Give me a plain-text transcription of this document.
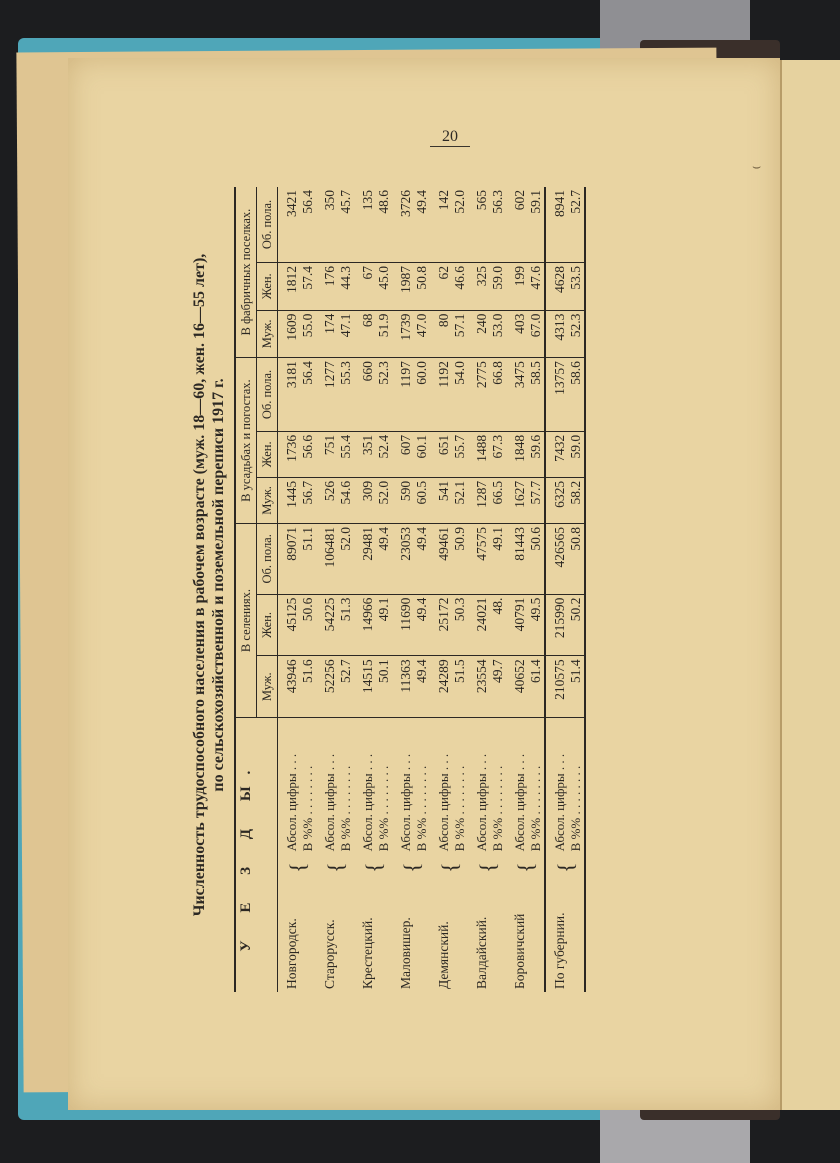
⌣
20
Численность трудоспособного населения в рабочем возрасте (муж. 18—60, жен. 16—55 лет), по сельскохозяйственной и поземельной переписи 1917 г.
У Е З Д Ы.			В селениях.			В усадьбах и погостах.			В фабричных поселках.		
			Муж.	Жен.	Об. пола.	Муж.	Жен.	Об. пола.	Муж.	Жен.	Об. пола.
Новгородск.	{	Абсол. цифры . . .	43946	45125	89071	1445	1736	3181	1609	1812	3421
		В %% . . . . . . . .	51.6	50.6	51.1	56.7	56.6	56.4	55.0	57.4	56.4
Старорусск.	{	Абсол. цифры . . .	52256	54225	106481	526	751	1277	174	176	350
		В %% . . . . . . . .	52.7	51.3	52.0	54.6	55.4	55.3	47.1	44.3	45.7
Крестецкий.	{	Абсол. цифры . . .	14515	14966	29481	309	351	660	68	67	135
		В %% . . . . . . . .	50.1	49.1	49.4	52.0	52.4	52.3	51.9	45.0	48.6
Маловишер.	{	Абсол. цифры . . .	11363	11690	23053	590	607	1197	1739	1987	3726
		В %% . . . . . . . .	49.4	49.4	49.4	60.5	60.1	60.0	47.0	50.8	49.4
Демянский.	{	Абсол. цифры . . .	24289	25172	49461	541	651	1192	80	62	142
		В %% . . . . . . . .	51.5	50.3	50.9	52.1	55.7	54.0	57.1	46.6	52.0
Валдайский.	{	Абсол. цифры . . .	23554	24021	47575	1287	1488	2775	240	325	565
		В %% . . . . . . . .	49.7	48.	49.1	66.5	67.3	66.8	53.0	59.0	56.3
Боровичский	{	Абсол. цифры . . .	40652	40791	81443	1627	1848	3475	403	199	602
		В %% . . . . . . . .	61.4	49.5	50.6	57.7	59.6	58.5	67.0	47.6	59.1
По губернии.	{	Абсол. цифры . . .	210575	215990	426565	6325	7432	13757	4313	4628	8941
		В %% . . . . . . . .	51.4	50.2	50.8	58.2	59.0	58.6	52.3	53.5	52.7
